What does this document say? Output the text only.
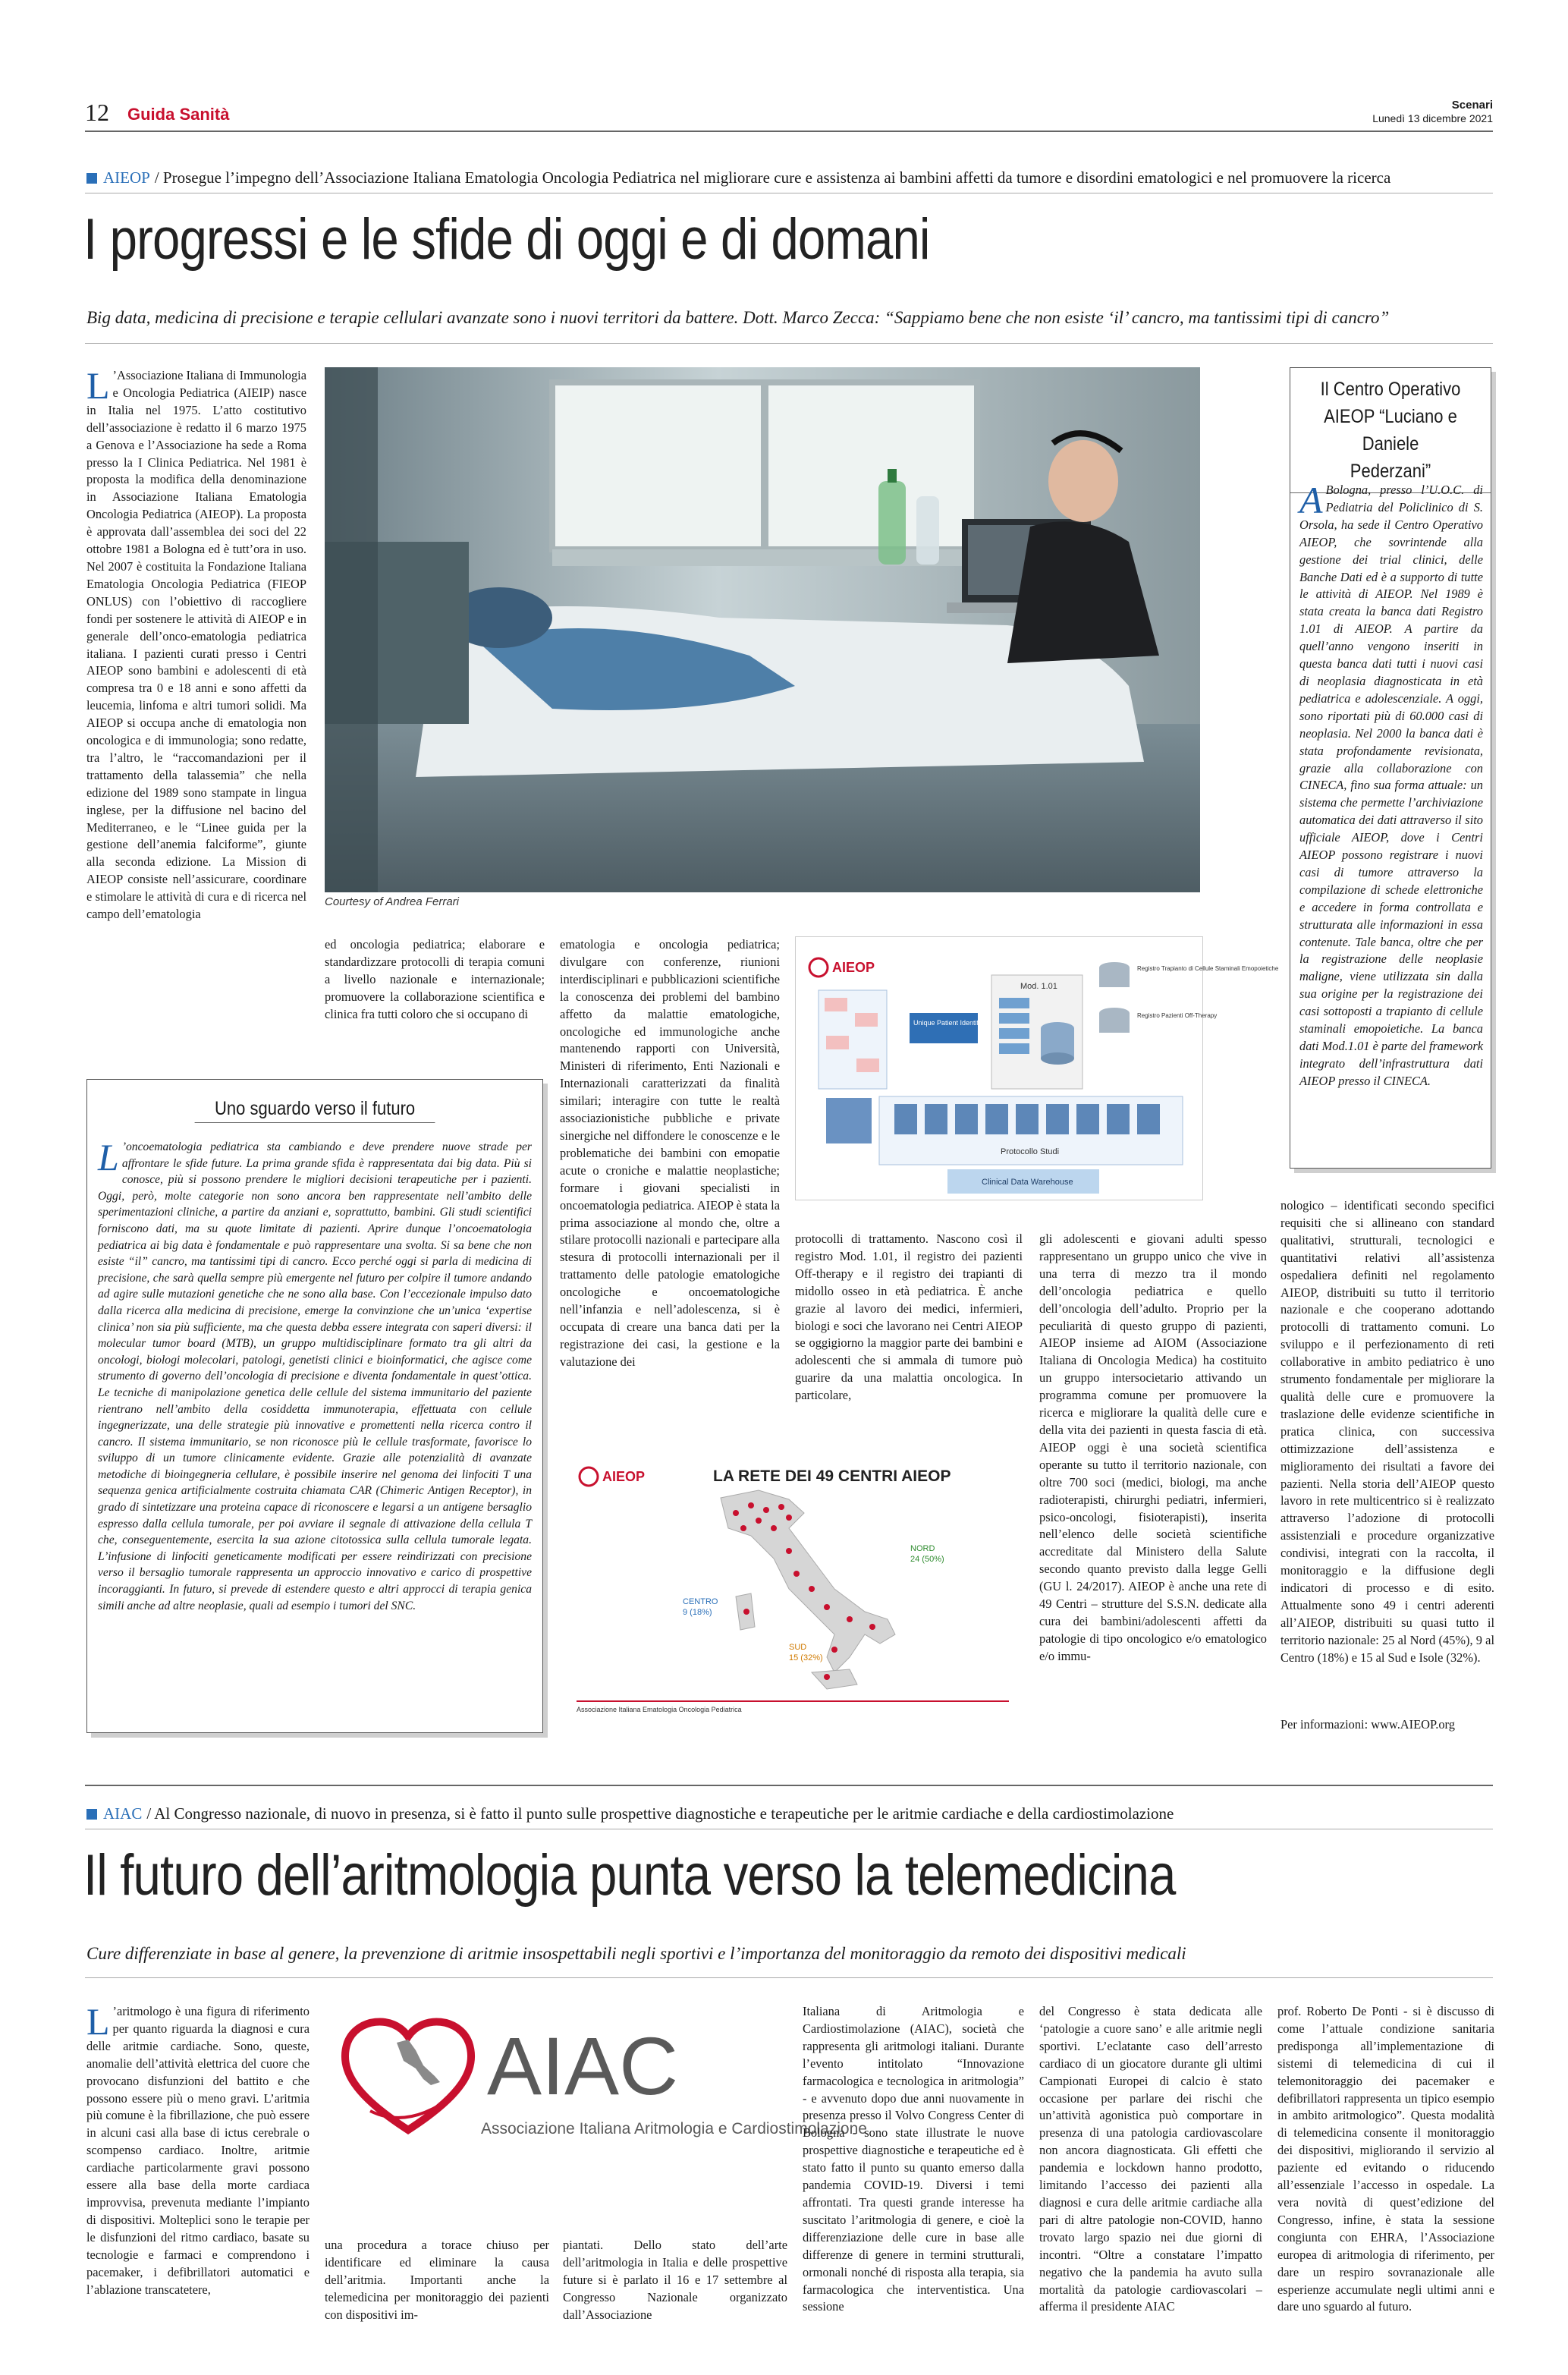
12 Guida Sanità	Scenari
Lunedì 13 dicembre 2021
AIEOP / Prosegue l’impegno dell’Associazione Italiana Ematologia Oncologia Pediatrica nel migliorare cure e assistenza ai bambini affetti da tumore e disordini ematologici e nel promuovere la ricerca
I progressi e le sfide di oggi e di domani
Big data, medicina di precisione e terapie cellulari avanzate sono i nuovi territori da battere. Dott. Marco Zecca: “Sappiamo bene che non esiste ‘il’ cancro, ma tantissimi tipi di cancro”
L ’Associazione Italiana di Immunologia e Oncologia Pediatrica (AIEIP) nasce in Italia nel 1975. L’atto costitutivo dell’associazione è redatto il 6 marzo 1975 a Genova e l’Associazione ha sede a Roma presso la I Clinica Pediatrica. Nel 1981 è proposta la modifica della denominazione in Associazione Italiana Ematologia Oncologia Pediatrica (AIEOP). La proposta è approvata dall’assemblea dei soci del 22 ottobre 1981 a Bologna ed è tutt’ora in uso. Nel 2007 è costituita la Fondazione Italiana Ematologia Oncologia Pediatrica (FIEOP ONLUS) con l’obiettivo di raccogliere fondi per sostenere le attività di AIEOP e in generale dell’onco-ematologia pediatrica italiana. I pazienti curati presso i Centri AIEOP sono bambini e adolescenti di età compresa tra 0 e 18 anni e sono affetti da leucemia, linfoma e altri tumori solidi. Ma AIEOP si occupa anche di ematologia non oncologica e di immunologia; sono redatte, tra l’altro, le “raccomandazioni per il trattamento della talassemia” che nella edizione del 1989 sono stampate in lingua inglese, per la diffusione nel bacino del Mediterraneo, e le “Linee guida per la gestione dell’anemia falciforme”, giunte alla seconda edizione. La Mission di AIEOP consiste nell’assicurare, coordinare e stimolare le attività di cura e di ricerca nel campo dell’ematologia
Courtesy of Andrea Ferrari
ed oncologia pediatrica; elaborare e standardizzare protocolli di terapia comuni a livello nazionale e internazionale; promuovere la collaborazione scientifica e clinica fra tutti coloro che si occupano di
ematologia e oncologia pediatrica; divulgare con conferenze, riunioni interdisciplinari e pubblicazioni scientifiche la conoscenza dei problemi del bambino affetto da malattie ematologiche, oncologiche ed immunologiche anche mantenendo rapporti con Università, Ministeri di riferimento, Enti Nazionali e Internazionali caratterizzati da finalità similari; interagire con tutte le realtà associazionistiche pubbliche e private sinergiche nel diffondere le conoscenze e le problematiche dei bambini con emopatie acute o croniche e malattie neoplastiche; formare i giovani specialisti in oncoematologia pediatrica. AIEOP è stata la prima associazione al mondo che, oltre a stilare protocolli nazionali e partecipare alla stesura di protocolli internazionali per il trattamento delle patologie ematologiche oncologiche e oncoematologiche nell’infanzia e nell’adolescenza, si è occupata di creare una banca dati per la registrazione dei casi, la gestione e la valutazione dei
AIEOP
Unique Patient Identifier
Mod. 1.01
Registro Trapianto di Cellule Staminali Emopoietiche
Registro Pazienti Off-Therapy
Protocollo Studi
Clinical Data Warehouse
Il Centro Operativo
AIEOP “Luciano e Daniele
Pederzani”
A Bologna, presso l’U.O.C. di Pediatria del Policlinico di S. Orsola, ha sede il Centro Operativo AIEOP, che sovrintende alla gestione dei trial clinici, delle Banche Dati ed è a supporto di tutte le attività di AIEOP. Nel 1989 è stata creata la banca dati Registro 1.01 di AIEOP. A partire da quell’anno vengono inseriti in questa banca dati tutti i nuovi casi di neoplasia diagnosticata in età pediatrica e adolescenziale. A oggi, sono riportati più di 60.000 casi di neoplasia. Nel 2000 la banca dati è stata profondamente revisionata, grazie alla collaborazione con CINECA, fino sua forma attuale: un sistema che permette l’archiviazione automatica dei dati attraverso il sito ufficiale AIEOP, dove i Centri AIEOP possono registrare i nuovi casi di tumore attraverso la compilazione di schede elettroniche e accedere in forma controllata e strutturata alle informazioni in essa contenute. Tale banca, oltre che per la registrazione delle neoplasie maligne, viene utilizzata sin dalla sua origine per la registrazione dei casi sottoposti a trapianto di cellule staminali emopoietiche. La banca dati Mod.1.01 è parte del framework integrato dell’infrastruttura dati AIEOP presso il CINECA.
Uno sguardo verso il futuro
L ’oncoematologia pediatrica sta cambiando e deve prendere nuove strade per affrontare le sfide future. La prima grande sfida è rappresentata dai big data. Più si conosce, più si possono prendere le migliori decisioni terapeutiche per i pazienti. Oggi, però, molte categorie non sono ancora ben rappresentate nell’ambito delle sperimentazioni cliniche, a partire da anziani e, soprattutto, bambini. Gli studi scientifici forniscono dati, ma su quote limitate di pazienti. Aprire dunque l’oncoematologia pediatrica ai big data è fondamentale e può rappresentare una svolta. Si sa bene che non esiste “il” cancro, ma tantissimi tipi di cancro. Ecco perché oggi si parla di medicina di precisione, che sarà quella sempre più emergente nel futuro per colpire il tumore andando ad agire sulle mutazioni genetiche che ne sono alla base. Con l’eccezionale impulso dato dalla ricerca alla medicina di precisione, emerge la convinzione che un’unica ‘expertise clinica’ non sia più sufficiente, ma che questa debba essere integrata con saperi diversi: il molecular tumor board (MTB), un gruppo multidisciplinare formato tra gli altri da oncologi, biologi molecolari, patologi, genetisti clinici e bioinformatici, che agisce come strumento di governo dell’oncologia di precisione e diventa fondamentale in quest’ottica. Le tecniche di manipolazione genetica delle cellule del sistema immunitario del paziente rientrano nell’ambito della cosiddetta immunoterapia, effettuata con cellule ingegnerizzate, una delle strategie più innovative e promettenti nella ricerca contro il cancro. Il sistema immunitario, se non riconosce più le cellule trasformate, favorisce lo sviluppo di un tumore clinicamente evidente. Grazie alle potenzialità di avanzate metodiche di bioingegneria cellulare, è possibile inserire nel genoma dei linfociti T una sequenza genica artificialmente costruita chiamata CAR (Chimeric Antigen Receptor), in grado di sintetizzare una proteina capace di riconoscere e legarsi a un antigene bersaglio espresso dalla cellula tumorale, per poi avviare il segnale di attivazione della cellula T che, conseguentemente, esercita la sua azione citotossica sulla cellula tumorale legata. L’infusione di linfociti geneticamente modificati per essere reindirizzati con precisione verso il bersaglio tumorale rappresenta un approccio innovativo e carico di prospettive incoraggianti. In futuro, si prevede di estendere questo e altri approcci di terapia genica simili anche ad altre neoplasie, quali ad esempio i tumori del SNC.
protocolli di trattamento. Nascono così il registro Mod. 1.01, il registro dei pazienti Off-therapy e il registro dei trapianti di midollo osseo in età pediatrica. È anche grazie al lavoro dei medici, infermieri, biologi e soci che lavorano nei Centri AIEOP se oggigiorno la maggior parte dei bambini e adolescenti che si ammala di tumore può guarire da una malattia oncologica. In particolare,
gli adolescenti e giovani adulti spesso rappresentano un gruppo unico che vive in una terra di mezzo tra il mondo dell’oncologia pediatrica e quello dell’oncologia dell’adulto. Proprio per la peculiarità di questo gruppo di pazienti, AIEOP insieme ad AIOM (Associazione Italiana di Oncologia Medica) ha costituito un gruppo intersocietario attivando un programma comune per promuovere la ricerca e migliorare la qualità delle cure e della vita dei pazienti in questa fascia di età. AIEOP oggi è una società scientifica operante su tutto il territorio nazionale, con oltre 700 soci (medici, biologi, ma anche radioterapisti, chirurghi pediatri, infermieri, psico-oncologi, fisioterapisti), inserita nell’elenco delle società scientifiche accreditate dal Ministero della Salute secondo quanto previsto dalla legge Gelli (GU l. 24/2017). AIEOP è anche una rete di 49 Centri – strutture del S.S.N. dedicate alla cura dei bambini/adolescenti affetti da patologie di tipo oncologico e/o ematologico e/o immu-
nologico – identificati secondo specifici requisiti che si allineano con standard qualitativi, strutturali, tecnologici e quantitativi relativi all’assistenza ospedaliera definiti nel regolamento AIEOP, distribuiti su tutto il territorio nazionale e che cooperano adottando protocolli di trattamento comuni. Lo sviluppo e il perfezionamento di reti collaborative in ambito pediatrico è uno strumento fondamentale per migliorare la qualità delle cure e promuovere la traslazione delle evidenze scientifiche in pratica clinica, con successiva ottimizzazione dell’assistenza e miglioramento dei risultati a favore dei pazienti. Nella storia dell’AIEOP questo lavoro in rete multicentrico si è realizzato attraverso l’adozione di protocolli assistenziali e procedure organizzative condivisi, integrati con la raccolta, il monitoraggio e la diffusione degli indicatori di processo e di esito. Attualmente sono 49 i centri aderenti all’AIEOP, distribuiti su quasi tutto il territorio nazionale: 25 al Nord (45%), 9 al Centro (18%) e 15 al Sud e Isole (32%).
Per informazioni: www.AIEOP.org
AIEOP	LA RETE DEI 49 CENTRI AIEOP
NORD
24 (50%)
CENTRO
9 (18%)
SUD
15 (32%)
Associazione Italiana Ematologia Oncologia Pediatrica
AIAC / Al Congresso nazionale, di nuovo in presenza, si è fatto il punto sulle prospettive diagnostiche e terapeutiche per le aritmie cardiache e della cardiostimolazione
Il futuro dell’aritmologia punta verso la telemedicina
Cure differenziate in base al genere, la prevenzione di aritmie insospettabili negli sportivi e l’importanza del monitoraggio da remoto dei dispositivi medicali
AIAC
Associazione Italiana Aritmologia e Cardiostimolazione
L ’aritmologo è una figura di riferimento per quanto riguarda la diagnosi e cura delle aritmie cardiache. Sono, queste, anomalie dell’attività elettrica del cuore che provocano disfunzioni del battito e che possono essere più o meno gravi. L’aritmia più comune è la fibrillazione, che può essere in alcuni casi alla base di ictus cerebrale o scompenso cardiaco. Inoltre, aritmie cardiache particolarmente gravi possono essere alla base della morte cardiaca improvvisa, prevenuta mediante l’impianto di dispositivi. Molteplici sono le terapie per le disfunzioni del ritmo cardiaco, basate su tecnologie e farmaci e comprendono i pacemaker, i defibrillatori automatici e l’ablazione transcatetere,
una procedura a torace chiuso per identificare ed eliminare la causa dell’aritmia. Importanti anche la telemedicina per monitoraggio dei pazienti con dispositivi im-
piantati. Dello stato dell’arte dell’aritmologia in Italia e delle prospettive future si è parlato il 16 e 17 settembre al Congresso Nazionale organizzato dall’Associazione
Italiana di Aritmologia e Cardiostimolazione (AIAC), società che rappresenta gli aritmologi italiani. Durante l’evento intitolato “Innovazione farmacologica e tecnologica in aritmologia” - e avvenuto dopo due anni nuovamente in presenza presso il Volvo Congress Center di Bologna - sono state illustrate le nuove prospettive diagnostiche e terapeutiche ed è stato fatto il punto su quanto emerso dalla pandemia COVID-19. Diversi i temi affrontati. Tra questi grande interesse ha suscitato l’aritmologia di genere, e cioè la differenziazione delle cure in base alle differenze di genere in termini strutturali, ormonali nonché di risposta alla terapia, sia farmacologica che interventistica. Una sessione
del Congresso è stata dedicata alle ‘patologie a cuore sano’ e alle aritmie negli sportivi. L’eclatante caso dell’arresto cardiaco di un giocatore durante gli ultimi Campionati Europei di calcio è stato occasione per parlare dei rischi che un’attività agonistica può comportare in presenza di una patologia cardiovascolare non ancora diagnosticata. Gli effetti che pandemia e lockdown hanno prodotto, limitando l’accesso dei pazienti alla diagnosi e cura delle aritmie cardiache alla pari di altre patologie non-COVID, hanno trovato largo spazio nei due giorni di incontri. “Oltre a constatare l’impatto negativo che la pandemia ha avuto sulla mortalità da patologie cardiovascolari – afferma il presidente AIAC
prof. Roberto De Ponti - si è discusso di come l’attuale condizione sanitaria predisponga all’implementazione di sistemi di telemedicina di cui il telemonitoraggio dei pacemaker e defibrillatori rappresenta un tipico esempio in ambito aritmologico”. Questa modalità di telemedicina consente il monitoraggio dei dispositivi, migliorando il servizio al paziente ed evitando o riducendo all’essenziale l’accesso in ospedale. La vera novità di quest’edizione del Congresso, infine, è stata la sessione congiunta con EHRA, l’Associazione europea di aritmologia di riferimento, per dare un respiro sovranazionale alle esperienze accumulate negli ultimi anni e dare uno sguardo al futuro.
